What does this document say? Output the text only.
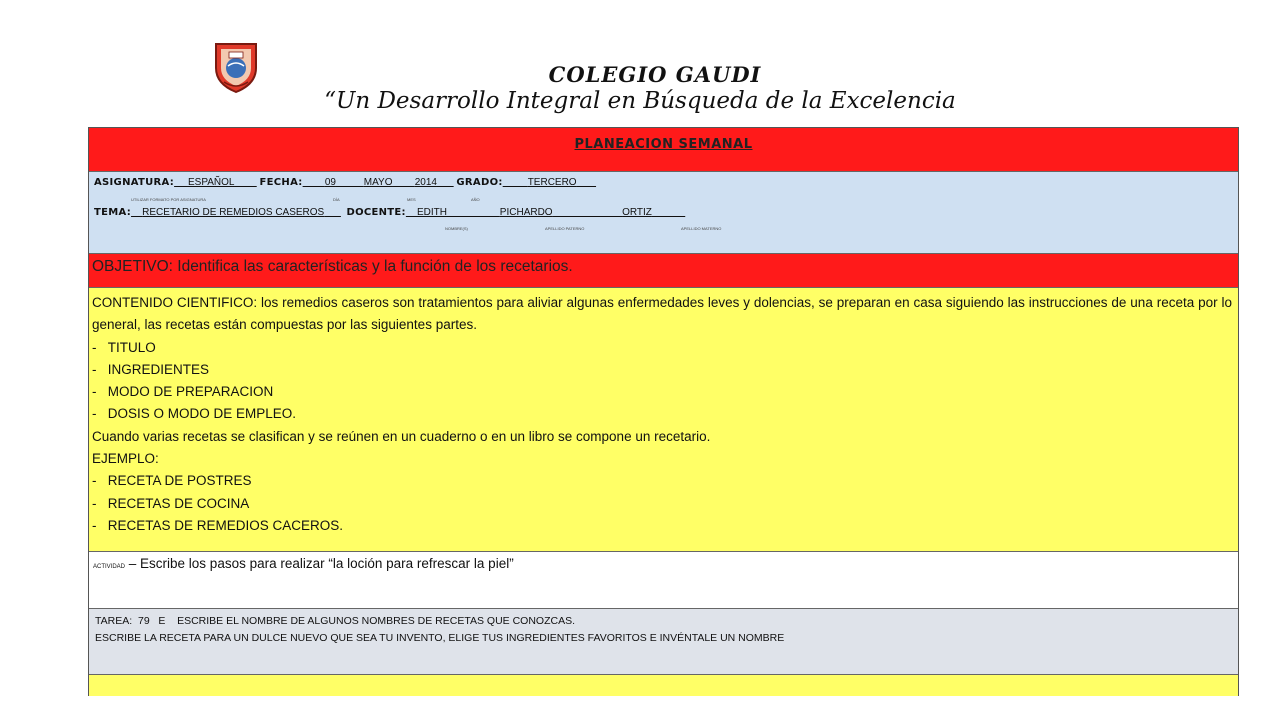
COLEGIO GAUDI
“Un Desarrollo Integral en Búsqueda de la Excelencia
PLANEACION SEMANAL
ASIGNATURA: ESPAÑOL	FECHA: 09	MAYO 2014 GRADO:	TERCERO
UTILIZAR FORMATO POR ASIGNATURA	DÍA	MES	AÑO
TEMA: RECETARIO DE REMEDIOS CASEROS DOCENTE: EDITH	PICHARDO	ORTIZ
NOMBRE(S)	APELLIDO PATERNO	APELLIDO MATERNO
OBJETIVO: Identifica las características y la función de los recetarios.

CONTENIDO CIENTIFICO: los remedios caseros son tratamientos para aliviar algunas enfermedades leves y dolencias, se preparan en casa siguiendo las instrucciones de una receta por lo general, las recetas están compuestas por las siguientes partes.

-   TITULO
-   INGREDIENTES
-   MODO DE PREPARACION
-   DOSIS O MODO DE EMPLEO.
Cuando varias recetas se clasifican y se reúnen en un cuaderno o en un libro se compone un recetario.
EJEMPLO:
-   RECETA DE POSTRES
-   RECETAS DE COCINA
-   RECETAS DE REMEDIOS CACEROS.
ACTIVIDAD – Escribe los pasos para realizar “la loción para refrescar la piel”
TAREA:  79   E    ESCRIBE EL NOMBRE DE ALGUNOS NOMBRES DE RECETAS QUE CONOZCAS.
ESCRIBE LA RECETA PARA UN DULCE NUEVO QUE SEA TU INVENTO, ELIGE TUS INGREDIENTES FAVORITOS E INVÉNTALE UN NOMBRE
